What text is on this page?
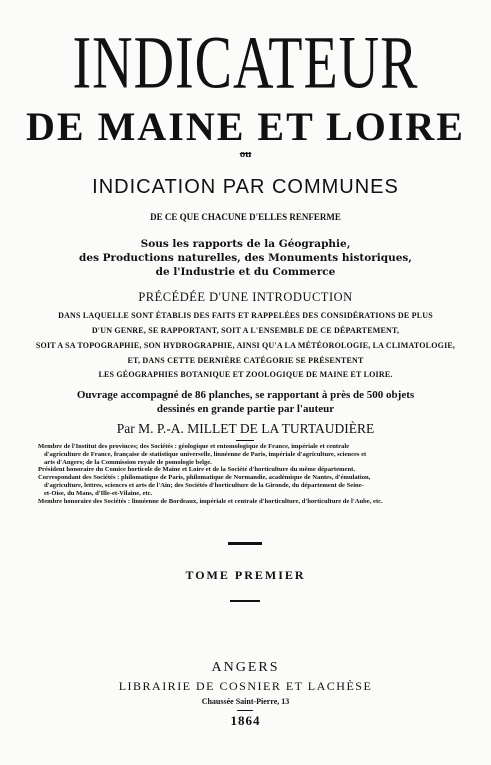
INDICATEUR
DE MAINE ET LOIRE
ou
INDICATION PAR COMMUNES
DE CE QUE CHACUNE D'ELLES RENFERME
Sous les rapports de la Géographie,
des Productions naturelles, des Monuments historiques,
de l'Industrie et du Commerce
PRÉCÉDÉE D'UNE INTRODUCTION
DANS LAQUELLE SONT ÉTABLIS DES FAITS ET RAPPELÉES DES CONSIDÉRATIONS DE PLUS
D'UN GENRE, SE RAPPORTANT, SOIT A L'ENSEMBLE DE CE DÉPARTEMENT,
SOIT A SA TOPOGRAPHIE, SON HYDROGRAPHIE, AINSI QU'A LA MÉTÉOROLOGIE, LA CLIMATOLOGIE,
ET, DANS CETTE DERNIÈRE CATÉGORIE SE PRÉSENTENT
LES GÉOGRAPHIES BOTANIQUE ET ZOOLOGIQUE DE MAINE ET LOIRE.
Ouvrage accompagné de 86 planches, se rapportant à près de 500 objets
dessinés en grande partie par l'auteur
Par M. P.-A. MILLET DE LA TURTAUDIÈRE
Membre de l'Institut des provinces; des Sociétés : géologique et entomologique de France, impériale et centrale
d'agriculture de France, française de statistique universelle, linnéenne de Paris, impériale d'agriculture, sciences et
arts d'Angers; de la Commission royale de pomologie belge.
Président honoraire du Comice horticole de Maine et Loire et de la Société d'horticulture du même département.
Correspondant des Sociétés : philomatique de Paris, philomatique de Normandie, académique de Nantes, d'émulation,
d'agriculture, lettres, sciences et arts de l'Ain; des Sociétés d'horticulture de la Gironde, du département de Seine-
et-Oise, du Mans, d'Ille-et-Vilaine, etc.
Membre honoraire des Sociétés : linnéenne de Bordeaux, impériale et centrale d'horticulture, d'horticulture de l'Aube, etc.
TOME PREMIER
ANGERS
LIBRAIRIE DE COSNIER ET LACHÈSE
Chaussée Saint-Pierre, 13
1864
